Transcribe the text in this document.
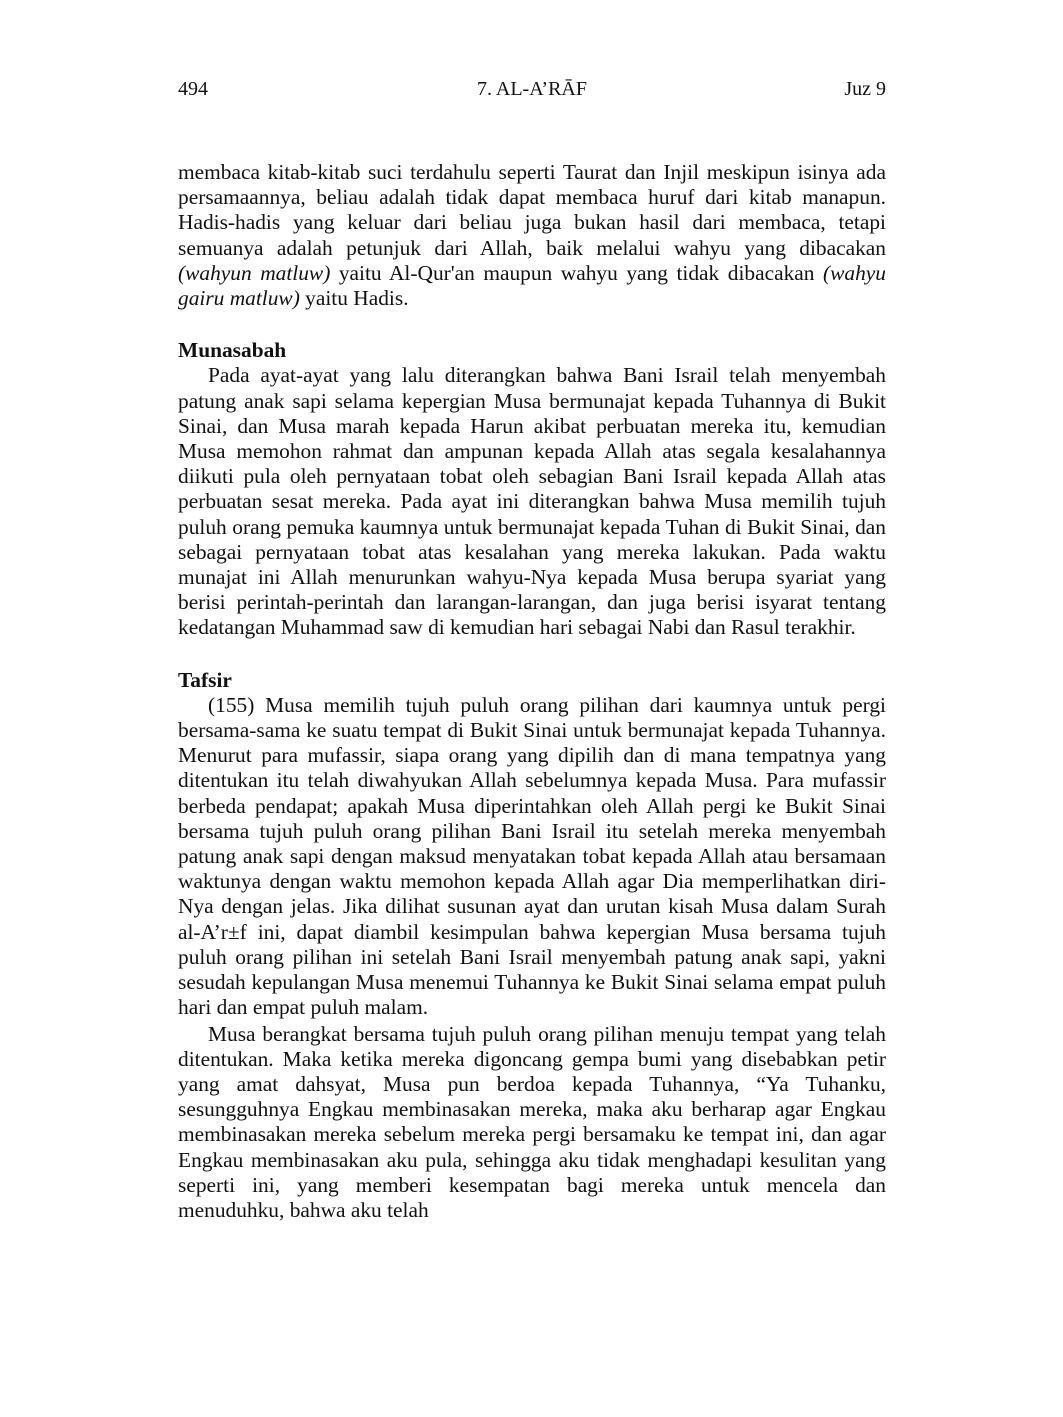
494	7. AL-A’RĀF	Juz 9

membaca kitab-kitab suci terdahulu seperti Taurat dan Injil meskipun isinya ada persamaannya, beliau adalah tidak dapat membaca huruf dari kitab manapun. Hadis-hadis yang keluar dari beliau juga bukan hasil dari membaca, tetapi semuanya adalah petunjuk dari Allah, baik melalui wahyu yang dibacakan (wahyun matluw) yaitu Al-Qur'an maupun wahyu yang tidak dibacakan (wahyu gairu matluw) yaitu Hadis.

Munasabah

Pada ayat-ayat yang lalu diterangkan bahwa Bani Israil telah menyembah patung anak sapi selama kepergian Musa bermunajat kepada Tuhannya di Bukit Sinai, dan Musa marah kepada Harun akibat perbuatan mereka itu, kemudian Musa memohon rahmat dan ampunan kepada Allah atas segala kesalahannya diikuti pula oleh pernyataan tobat oleh sebagian Bani Israil kepada Allah atas perbuatan sesat mereka. Pada ayat ini diterangkan bahwa Musa memilih tujuh puluh orang pemuka kaumnya untuk bermunajat kepada Tuhan di Bukit Sinai, dan sebagai pernyataan tobat atas kesalahan yang mereka lakukan. Pada waktu munajat ini Allah menurunkan wahyu-Nya kepada Musa berupa syariat yang berisi perintah-perintah dan larangan-larangan, dan juga berisi isyarat tentang kedatangan Muhammad saw di kemudian hari sebagai Nabi dan Rasul terakhir.

Tafsir

(155) Musa memilih tujuh puluh orang pilihan dari kaumnya untuk pergi bersama-sama ke suatu tempat di Bukit Sinai untuk bermunajat kepada Tuhannya. Menurut para mufassir, siapa orang yang dipilih dan di mana tempatnya yang ditentukan itu telah diwahyukan Allah sebelumnya kepada Musa. Para mufassir berbeda pendapat; apakah Musa diperintahkan oleh Allah pergi ke Bukit Sinai bersama tujuh puluh orang pilihan Bani Israil itu setelah mereka menyembah patung anak sapi dengan maksud menyatakan tobat kepada Allah atau bersamaan waktunya dengan waktu memohon kepada Allah agar Dia memperlihatkan diri-Nya dengan jelas. Jika dilihat susunan ayat dan urutan kisah Musa dalam Surah al-A’r±f ini, dapat diambil kesimpulan bahwa kepergian Musa bersama tujuh puluh orang pilihan ini setelah Bani Israil menyembah patung anak sapi, yakni sesudah kepulangan Musa menemui Tuhannya ke Bukit Sinai selama empat puluh hari dan empat puluh malam.

Musa berangkat bersama tujuh puluh orang pilihan menuju tempat yang telah ditentukan. Maka ketika mereka digoncang gempa bumi yang disebabkan petir yang amat dahsyat, Musa pun berdoa kepada Tuhannya, “Ya Tuhanku, sesungguhnya Engkau membinasakan mereka, maka aku berharap agar Engkau membinasakan mereka sebelum mereka pergi bersamaku ke tempat ini, dan agar Engkau membinasakan aku pula, sehingga aku tidak menghadapi kesulitan yang seperti ini, yang memberi kesempatan bagi mereka untuk mencela dan menuduhku, bahwa aku telah
